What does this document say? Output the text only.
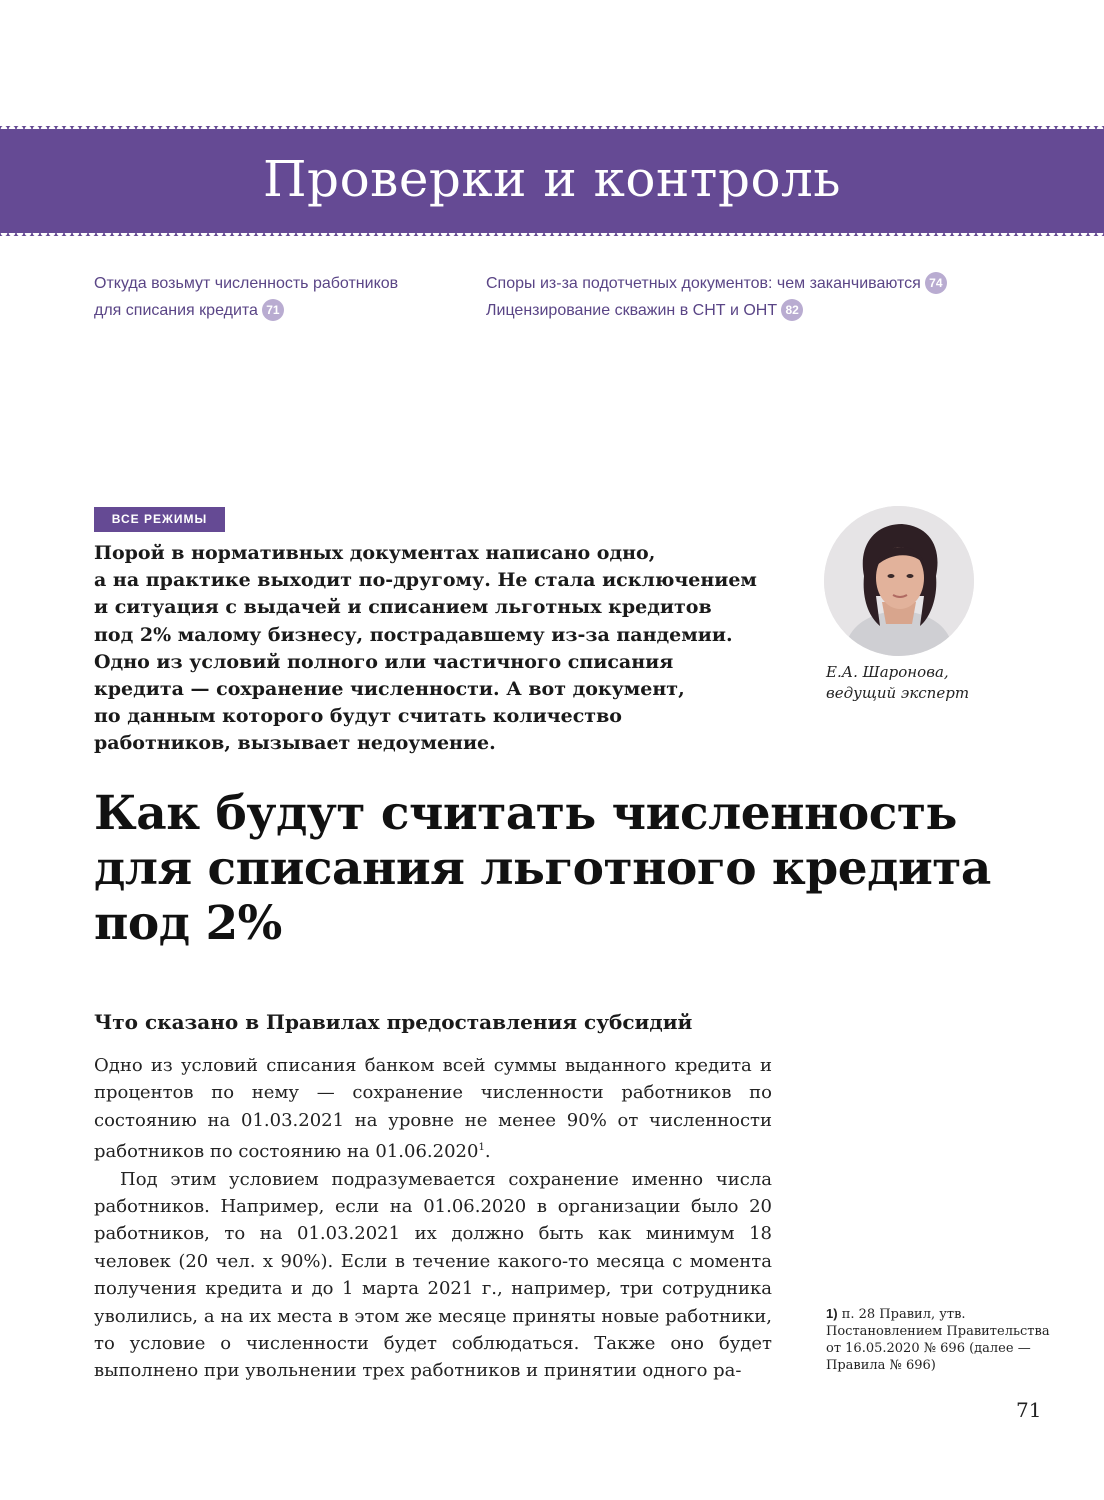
Проверки и контроль
Откуда возьмут численность работников
для списания кредита 71
Споры из-за подотчетных документов: чем заканчиваются 74
Лицензирование скважин в СНТ и ОНТ 82
ВСЕ РЕЖИМЫ
Порой в нормативных документах написано одно,
а на практике выходит по-другому. Не стала исключением
и ситуация с выдачей и списанием льготных кредитов
под 2% малому бизнесу, пострадавшему из-за пандемии.
Одно из условий полного или частичного списания
кредита — сохранение численности. А вот документ,
по данным которого будут считать количество
работников, вызывает недоумение.
Е.А. Шаронова,
ведущий эксперт
Как будут считать численность
для списания льготного кредита
под 2%
Что сказано в Правилах предоставления субсидий

Одно из условий списания банком всей суммы выданного кредита и процентов по нему — сохранение численности работников по состоянию на 01.03.2021 на уровне не менее 90% от численности работников по состоянию на 01.06.2020$^1$.

Под этим условием подразумевается сохранение именно числа работников. Например, если на 01.06.2020 в организации было 20 работников, то на 01.03.2021 их должно быть как минимум 18 человек (20 чел. х 90%). Если в течение какого-то месяца с момента получения кредита и до 1 марта 2021 г., например, три сотрудника уволились, а на их места в этом же месяце приняты новые работники, то условие о численности будет соблюдаться. Также оно будет выполнено при увольнении трех работников и принятии одного ра-

1) п. 28 Правил, утв. Постановлением Правительства от 16.05.2020 № 696 (далее — Правила № 696)
71
